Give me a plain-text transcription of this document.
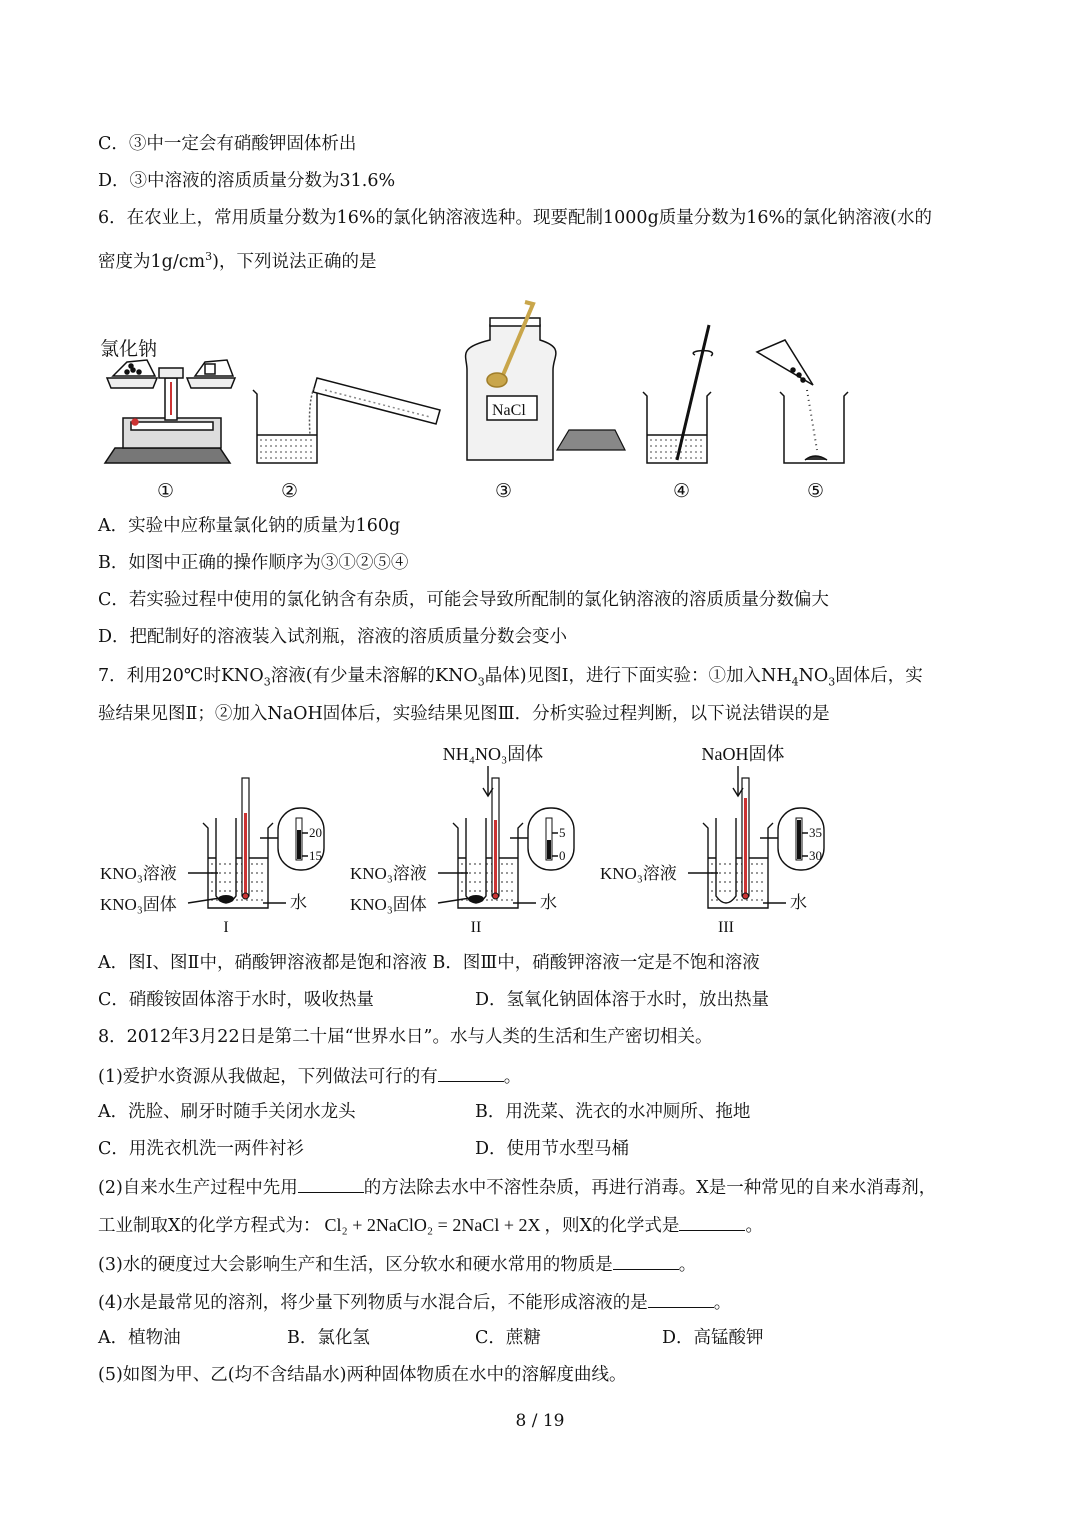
C．③中一定会有硝酸钾固体析出
D．③中溶液的溶质质量分数为31.6%
6．在农业上，常用质量分数为16%的氯化钠溶液选种。现要配制1000g质量分数为16%的氯化钠溶液(水的
密度为$1g/cm^3$)，下列说法正确的是
氯化钠
NaCl
①	②	③	④	⑤
A．实验中应称量氯化钠的质量为160g
B．如图中正确的操作顺序为③①②⑤④
C．若实验过程中使用的氯化钠含有杂质，可能会导致所配制的氯化钠溶液的溶质质量分数偏大
D．把配制好的溶液装入试剂瓶，溶液的溶质质量分数会变小
7．利用20℃时$KNO_3$溶液(有少量未溶解的$KNO_3$晶体)见图Ⅰ，进行下面实验：①加入$NH_4NO_3$固体后，实
验结果见图Ⅱ；②加入NaOH固体后，实验结果见图Ⅲ．分析实验过程判断，以下说法错误的是
20
15
KNO₃溶液
KNO₃固体	水
I
5
0
KNO₃溶液
KNO₃固体	水
II
NH₄NO₃固体
35
30
KNO₃溶液
水
III
NaOH固体
A．图Ⅰ、图Ⅱ中，硝酸钾溶液都是饱和溶液 B．图Ⅲ中，硝酸钾溶液一定是不饱和溶液
C．硝酸铵固体溶于水时，吸收热量	D．氢氧化钠固体溶于水时，放出热量
8．2012年3月22日是第二十届“世界水日”。水与人类的生活和生产密切相关。
(1)爱护水资源从我做起，下列做法可行的有	。
A．洗脸、刷牙时随手关闭水龙头	B．用洗菜、洗衣的水冲厕所、拖地
C．用洗衣机洗一两件衬衫	D．使用节水型马桶
(2)自来水生产过程中先用	的方法除去水中不溶性杂质，再进行消毒。X是一种常见的自来水消毒剂，
工业制取X的化学方程式为： Cl₂ + 2NaClO₂ = 2NaCl + 2X ，则X的化学式是	。
(3)水的硬度过大会影响生产和生活，区分软水和硬水常用的物质是	。
(4)水是最常见的溶剂，将少量下列物质与水混合后，不能形成溶液的是	。
A．植物油	B．氯化氢	C．蔗糖	D．高锰酸钾
(5)如图为甲、乙(均不含结晶水)两种固体物质在水中的溶解度曲线。
8 / 19
